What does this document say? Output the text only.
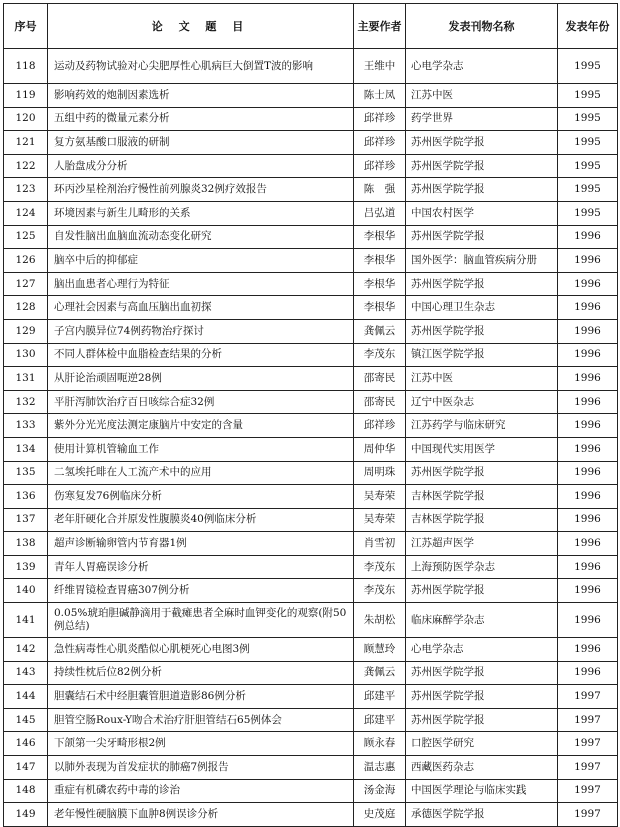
序号	论 文 题 目	主要作者	发表刊物名称	发表年份
118	运动及药物试验对心尖肥厚性心肌病巨大倒置T波的影响	王维中	心电学杂志	1995
119	影响药效的炮制因素选析	陈士凤	江苏中医	1995
120	五组中药的微量元素分析	邱祥珍	药学世界	1995
121	复方氨基酸口服液的研制	邱祥珍	苏州医学院学报	1995
122	人胎盘成分分析	邱祥珍	苏州医学院学报	1995
123	环丙沙星栓剂治疗慢性前列腺炎32例疗效报告	陈　强	苏州医学院学报	1995
124	环境因素与新生儿畸形的关系	吕弘道	中国农村医学	1995
125	自发性脑出血脑血流动态变化研究	李根华	苏州医学院学报	1996
126	脑卒中后的抑郁症	李根华	国外医学：脑血管疾病分册	1996
127	脑出血患者心理行为特征	李根华	苏州医学院学报	1996
128	心理社会因素与高血压脑出血初探	李根华	中国心理卫生杂志	1996
129	子宫内膜异位74例药物治疗探讨	龚佩云	苏州医学院学报	1996
130	不同人群体检中血脂检查结果的分析	李茂东	镇江医学院学报	1996
131	从肝论治顽固呃逆28例	邵寄民	江苏中医	1996
132	平肝泻肺饮治疗百日咳综合症32例	邵寄民	辽宁中医杂志	1996
133	紫外分光光度法测定康脑片中安定的含量	邱祥珍	江苏药学与临床研究	1996
134	使用计算机管输血工作	周仲华	中国现代实用医学	1996
135	二氢埃托啡在人工流产术中的应用	周明珠	苏州医学院学报	1996
136	伤寒复发76例临床分析	吴寿荣	吉林医学院学报	1996
137	老年肝硬化合并原发性腹膜炎40例临床分析	吴寿荣	吉林医学院学报	1996
138	超声诊断输卵管内节育器1例	肖雪初	江苏超声医学	1996
139	青年人胃癌误诊分析	李茂东	上海预防医学杂志	1996
140	纤维胃镜检查胃癌307例分析	李茂东	苏州医学院学报	1996
141	0.05%琥珀胆碱静滴用于截瘫患者全麻时血钾变化的观察(附50例总结)	朱胡松	临床麻醉学杂志	1996
142	急性病毒性心肌炎酷似心肌梗死心电图3例	顾慧玲	心电学杂志	1996
143	持续性枕后位82例分析	龚佩云	苏州医学院学报	1996
144	胆囊结石术中经胆囊管胆道造影86例分析	邱建平	苏州医学院学报	1997
145	胆管空肠Roux-Y吻合术治疗肝胆管结石65例体会	邱建平	苏州医学院学报	1997
146	下颌第一尖牙畸形根2例	顾永春	口腔医学研究	1997
147	以肺外表现为首发症状的肺癌7例报告	温志惠	西藏医药杂志	1997
148	重症有机磷农药中毒的诊治	汤金海	中国医学理论与临床实践	1997
149	老年慢性硬脑膜下血肿8例误诊分析	史茂庭	承德医学院学报	1997
